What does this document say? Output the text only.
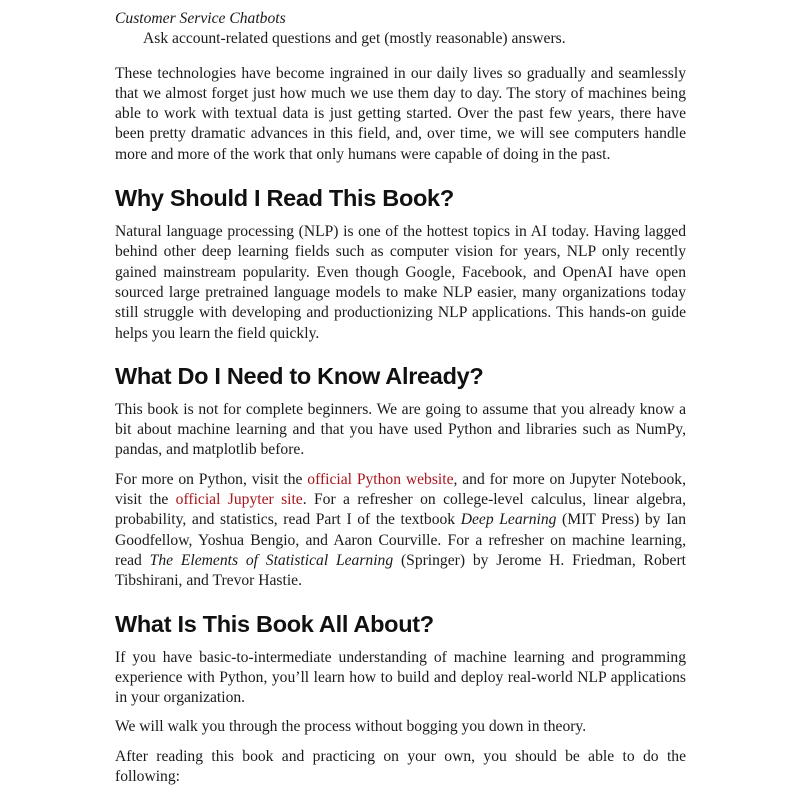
Customer Service Chatbots

Ask account-related questions and get (mostly reasonable) answers.

These technologies have become ingrained in our daily lives so gradually and seamlessly that we almost forget just how much we use them day to day. The story of machines being able to work with textual data is just getting started. Over the past few years, there have been pretty dramatic advances in this field, and, over time, we will see computers handle more and more of the work that only humans were capable of doing in the past.

Why Should I Read This Book?

Natural language processing (NLP) is one of the hottest topics in AI today. Having lagged behind other deep learning fields such as computer vision for years, NLP only recently gained mainstream popularity. Even though Google, Facebook, and OpenAI have open sourced large pretrained language models to make NLP easier, many organizations today still struggle with developing and productionizing NLP applications. This hands-on guide helps you learn the field quickly.

What Do I Need to Know Already?

This book is not for complete beginners. We are going to assume that you already know a bit about machine learning and that you have used Python and libraries such as NumPy, pandas, and matplotlib before.

For more on Python, visit the official Python website, and for more on Jupyter Notebook, visit the official Jupyter site. For a refresher on college-level calculus, linear algebra, probability, and statistics, read Part I of the textbook Deep Learning (MIT Press) by Ian Goodfellow, Yoshua Bengio, and Aaron Courville. For a refresher on machine learning, read The Elements of Statistical Learning (Springer) by Jerome H. Friedman, Robert Tibshirani, and Trevor Hastie.

What Is This Book All About?

If you have basic-to-intermediate understanding of machine learning and programming experience with Python, you’ll learn how to build and deploy real-world NLP applications in your organization.

We will walk you through the process without bogging you down in theory.

After reading this book and practicing on your own, you should be able to do the following:
